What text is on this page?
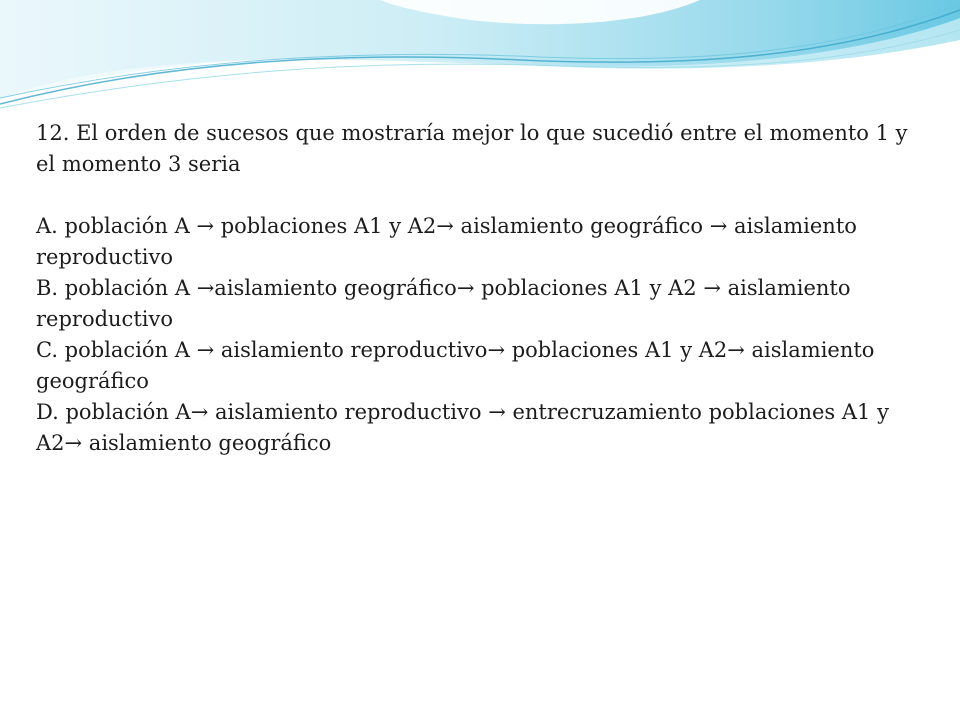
12. El orden de sucesos que mostraría mejor lo que sucedió entre el momento 1 y el momento 3 seria

A. población A → poblaciones A1 y A2→ aislamiento geográfico → aislamiento reproductivo

B. población A →aislamiento geográfico→ poblaciones A1 y A2 → aislamiento reproductivo

C. población A → aislamiento reproductivo→ poblaciones A1 y A2→ aislamiento geográfico

D. población A→ aislamiento reproductivo → entrecruzamiento poblaciones A1 y A2→ aislamiento geográfico
